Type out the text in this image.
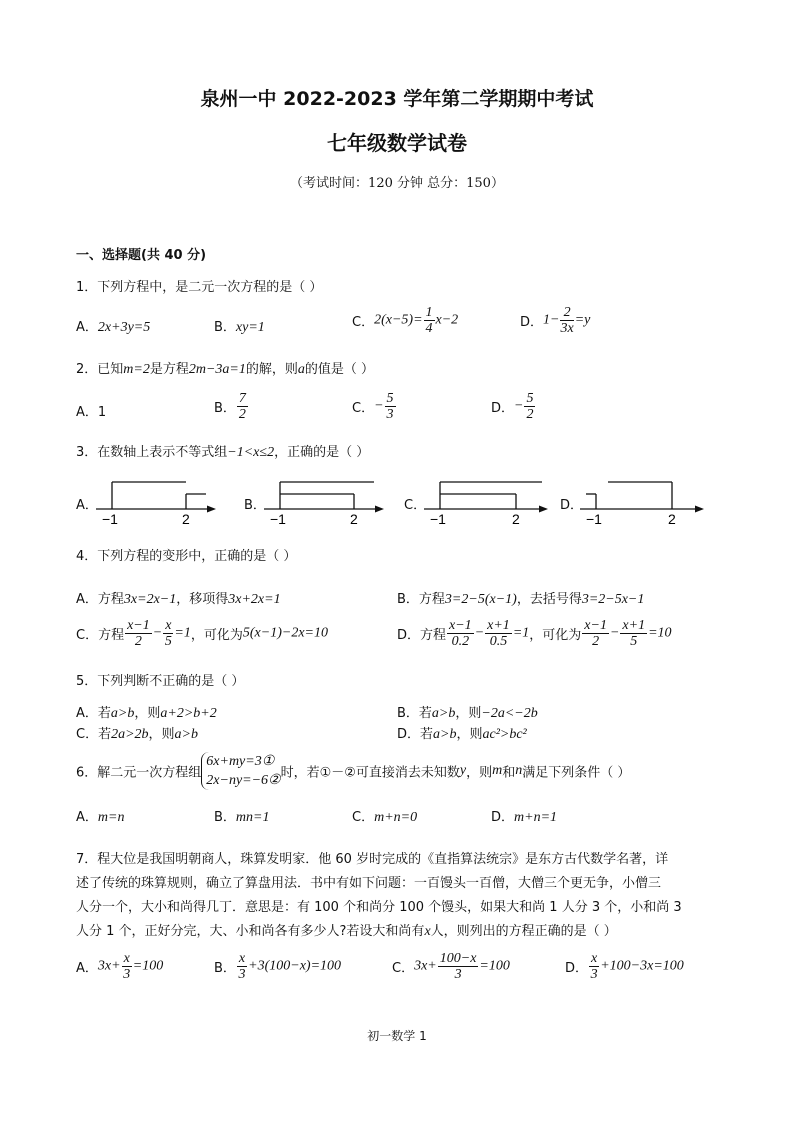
泉州一中 2022-2023 学年第二学期期中考试
七年级数学试卷
（考试时间：120 分钟 总分：150）
一、选择题(共 40 分)
1．下列方程中，是二元一次方程的是（ ）
A．2x+3y=5	B．xy=1	C．$2(x-5)= \frac{1}{4} x-2$	D．$1- \frac{2}{3x} =y$
2．已知m=2是方程2m−3a=1的解，则a的值是（ ）
A．1	B． $\frac{7}{2}$	C．− $\frac{5}{3}$	D．− $\frac{5}{2}$
3．在数轴上表示不等式组−1<x≤2，正确的是（ ）
A．
−1	2
B．
−1	2
C．
−1	2
D．
−1	2
4．下列方程的变形中，正确的是（ ）
A．方程3x=2x−1，移项得3x+2x=1	B．方程3=2−5(x−1)，去括号得3=2−5x−1
C．方程 $\frac{x-1}{2} - \frac{x}{5} =1$，可化为5(x−1)−2x=10	D．方程 $\frac{x-1}{0.2} - \frac{x+1}{0.5} =1$，可化为 $\frac{x-1}{2} - \frac{x+1}{5} =10$
5．下列判断不正确的是（ ）
A．若a>b，则a+2>b+2	B．若a>b，则−2a<−2b
C．若2a>2b，则a>b	D．若a>b，则ac²>bc²
6．解二元一次方程组
6x+my=3①
2x−ny=−6② 时，若①－②可直接消去未知数y，则m和n满足下列条件（ ）
A．m=n	B．mn=1	C．m+n=0	D．m+n=1
7．程大位是我国明朝商人，珠算发明家．他 60 岁时完成的《直指算法统宗》是东方古代数学名著，详
述了传统的珠算规则，确立了算盘用法．书中有如下问题：一百馒头一百僧，大僧三个更无争，小僧三
人分一个，大小和尚得几丁．意思是：有 100 个和尚分 100 个馒头，如果大和尚 1 人分 3 个，小和尚 3
人分 1 个，正好分完，大、小和尚各有多少人?若设大和尚有x人，则列出的方程正确的是（ ）
A．$3x+ \frac{x}{3} =100$	B． $\frac{x}{3} +3(100-x)=100$	C．$3x+ \frac{100-x}{3} =100$	D． $\frac{x}{3} +100-3x=100$
初一数学 1
